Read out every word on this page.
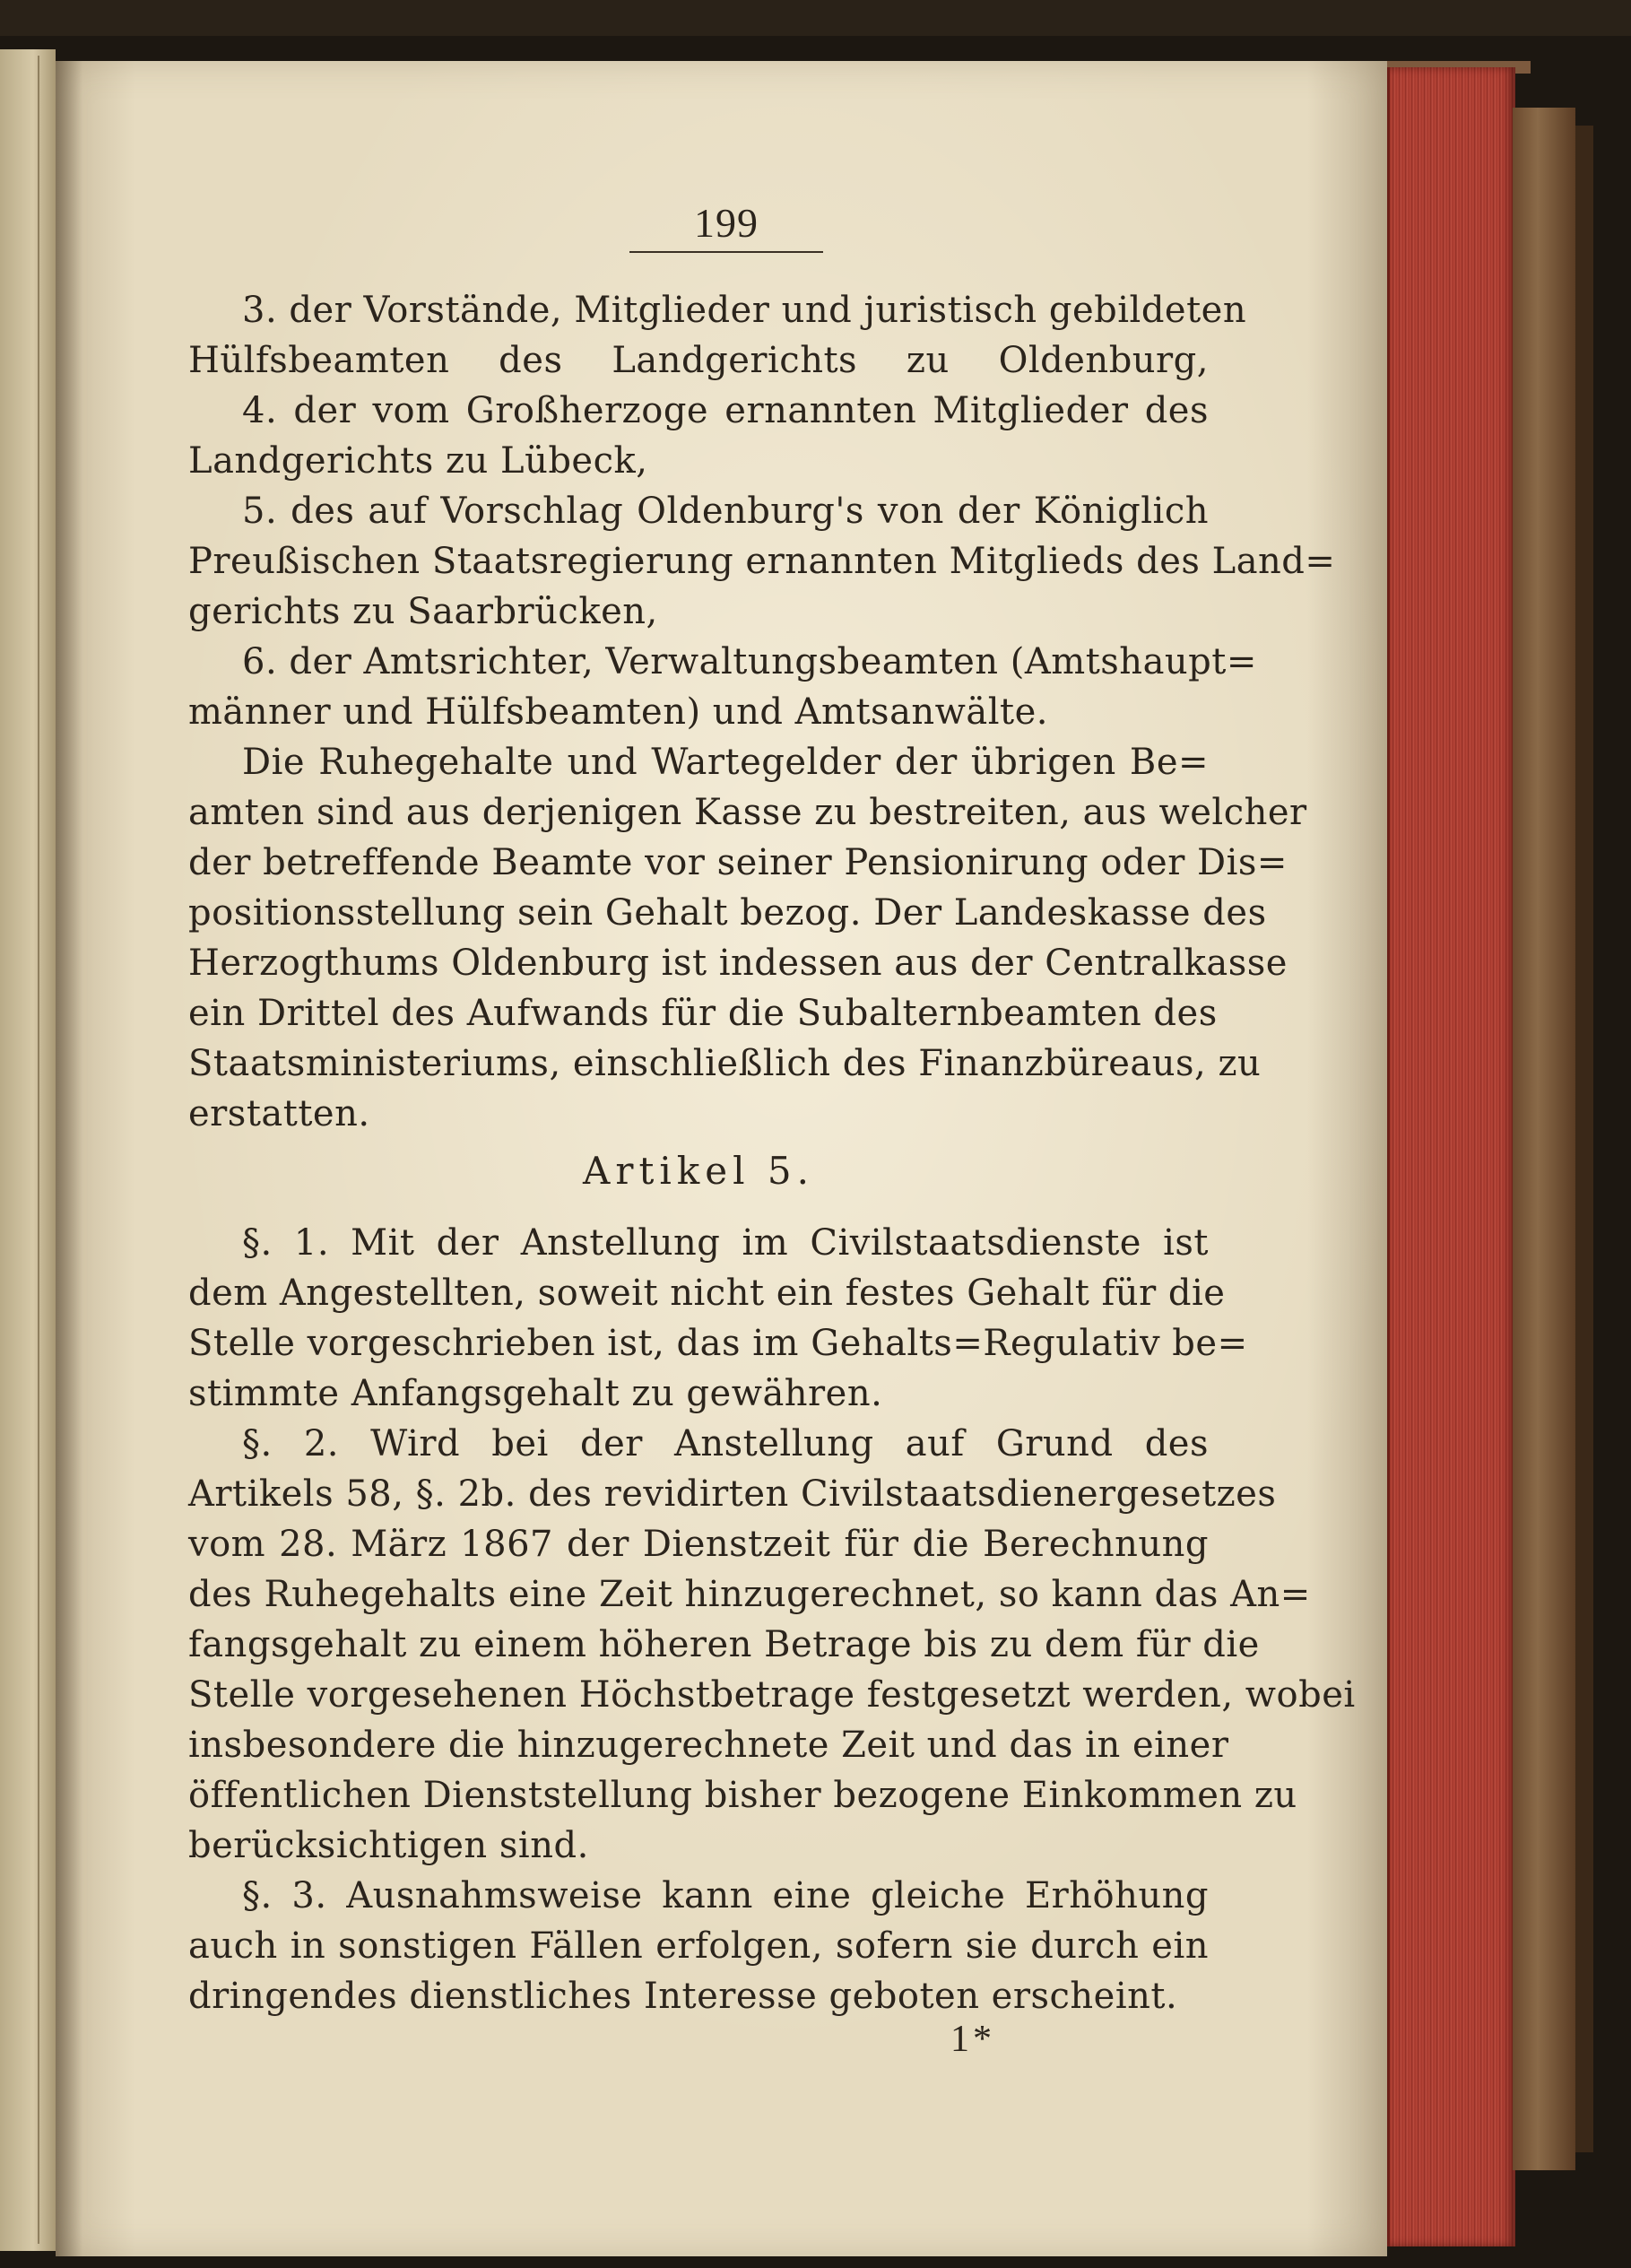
199
3. der Vorstände, Mitglieder und juristisch gebildeten
Hülfsbeamten des Landgerichts zu Oldenburg,
4. der vom Großherzoge ernannten Mitglieder des
Landgerichts zu Lübeck,
5. des auf Vorschlag Oldenburg's von der Königlich
Preußischen Staatsregierung ernannten Mitglieds des Land=
gerichts zu Saarbrücken,
6. der Amtsrichter, Verwaltungsbeamten (Amtshaupt=
männer und Hülfsbeamten) und Amtsanwälte.
Die Ruhegehalte und Wartegelder der übrigen Be=
amten sind aus derjenigen Kasse zu bestreiten, aus welcher
der betreffende Beamte vor seiner Pensionirung oder Dis=
positionsstellung sein Gehalt bezog. Der Landeskasse des
Herzogthums Oldenburg ist indessen aus der Centralkasse
ein Drittel des Aufwands für die Subalternbeamten des
Staatsministeriums, einschließlich des Finanzbüreaus, zu
erstatten.
Artikel 5.
§. 1. Mit der Anstellung im Civilstaatsdienste ist
dem Angestellten, soweit nicht ein festes Gehalt für die
Stelle vorgeschrieben ist, das im Gehalts=Regulativ be=
stimmte Anfangsgehalt zu gewähren.
§. 2. Wird bei der Anstellung auf Grund des
Artikels 58, §. 2b. des revidirten Civilstaatsdienergesetzes
vom 28. März 1867 der Dienstzeit für die Berechnung
des Ruhegehalts eine Zeit hinzugerechnet, so kann das An=
fangsgehalt zu einem höheren Betrage bis zu dem für die
Stelle vorgesehenen Höchstbetrage festgesetzt werden, wobei
insbesondere die hinzugerechnete Zeit und das in einer
öffentlichen Dienststellung bisher bezogene Einkommen zu
berücksichtigen sind.
§. 3. Ausnahmsweise kann eine gleiche Erhöhung
auch in sonstigen Fällen erfolgen, sofern sie durch ein
dringendes dienstliches Interesse geboten erscheint.
1*
